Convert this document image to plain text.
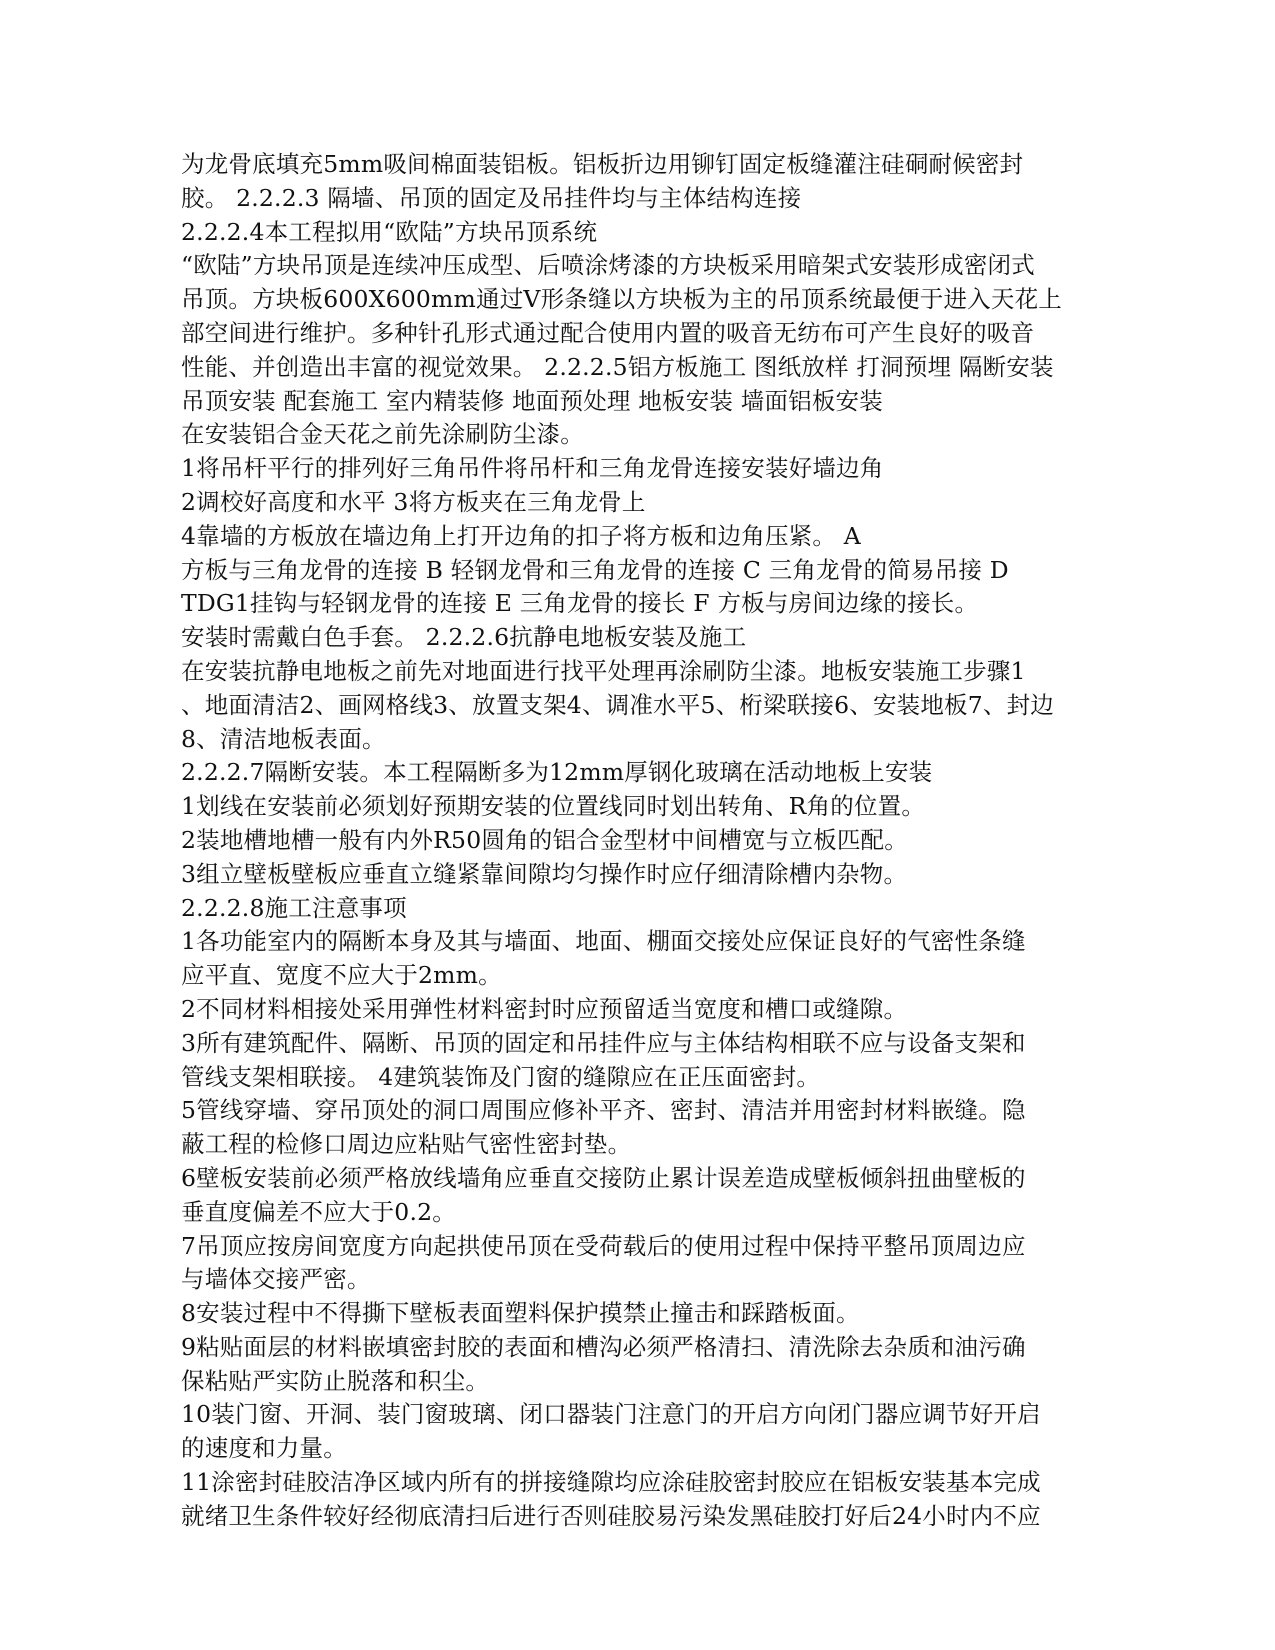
为龙骨底填充5mm吸间棉面装铝板。铝板折边用铆钉固定板缝灌注硅硐耐候密封
胶。 2.2.2.3 隔墙、吊顶的固定及吊挂件均与主体结构连接
2.2.2.4本工程拟用“欧陆”方块吊顶系统
“欧陆”方块吊顶是连续冲压成型、后喷涂烤漆的方块板采用暗架式安装形成密闭式
吊顶。方块板600X600mm通过V形条缝以方块板为主的吊顶系统最便于进入天花上
部空间进行维护。多种针孔形式通过配合使用内置的吸音无纺布可产生良好的吸音
性能、并创造出丰富的视觉效果。 2.2.2.5铝方板施工 图纸放样 打洞预埋 隔断安装
吊顶安装 配套施工 室内精装修 地面预处理 地板安装 墙面铝板安装
在安装铝合金天花之前先涂刷防尘漆。
1将吊杆平行的排列好三角吊件将吊杆和三角龙骨连接安装好墙边角
2调校好高度和水平 3将方板夹在三角龙骨上
4靠墙的方板放在墙边角上打开边角的扣子将方板和边角压紧。 A
方板与三角龙骨的连接 B 轻钢龙骨和三角龙骨的连接 C 三角龙骨的简易吊接 D
TDG1挂钩与轻钢龙骨的连接 E 三角龙骨的接长 F 方板与房间边缘的接长。
安装时需戴白色手套。 2.2.2.6抗静电地板安装及施工
在安装抗静电地板之前先对地面进行找平处理再涂刷防尘漆。地板安装施工步骤1
、地面清洁2、画网格线3、放置支架4、调准水平5、桁梁联接6、安装地板7、封边
8、清洁地板表面。
2.2.2.7隔断安装。本工程隔断多为12mm厚钢化玻璃在活动地板上安装
1划线在安装前必须划好预期安装的位置线同时划出转角、R角的位置。
2装地槽地槽一般有内外R50圆角的铝合金型材中间槽宽与立板匹配。
3组立壁板壁板应垂直立缝紧靠间隙均匀操作时应仔细清除槽内杂物。
2.2.2.8施工注意事项
1各功能室内的隔断本身及其与墙面、地面、棚面交接处应保证良好的气密性条缝
应平直、宽度不应大于2mm。
2不同材料相接处采用弹性材料密封时应预留适当宽度和槽口或缝隙。
3所有建筑配件、隔断、吊顶的固定和吊挂件应与主体结构相联不应与设备支架和
管线支架相联接。 4建筑装饰及门窗的缝隙应在正压面密封。
5管线穿墙、穿吊顶处的洞口周围应修补平齐、密封、清洁并用密封材料嵌缝。隐
蔽工程的检修口周边应粘贴气密性密封垫。
6壁板安装前必须严格放线墙角应垂直交接防止累计误差造成壁板倾斜扭曲壁板的
垂直度偏差不应大于0.2。
7吊顶应按房间宽度方向起拱使吊顶在受荷载后的使用过程中保持平整吊顶周边应
与墙体交接严密。
8安装过程中不得撕下壁板表面塑料保护摸禁止撞击和踩踏板面。
9粘贴面层的材料嵌填密封胶的表面和槽沟必须严格清扫、清洗除去杂质和油污确
保粘贴严实防止脱落和积尘。
10装门窗、开洞、装门窗玻璃、闭口器装门注意门的开启方向闭门器应调节好开启
的速度和力量。
11涂密封硅胶洁净区域内所有的拼接缝隙均应涂硅胶密封胶应在铝板安装基本完成
就绪卫生条件较好经彻底清扫后进行否则硅胶易污染发黑硅胶打好后24小时内不应
